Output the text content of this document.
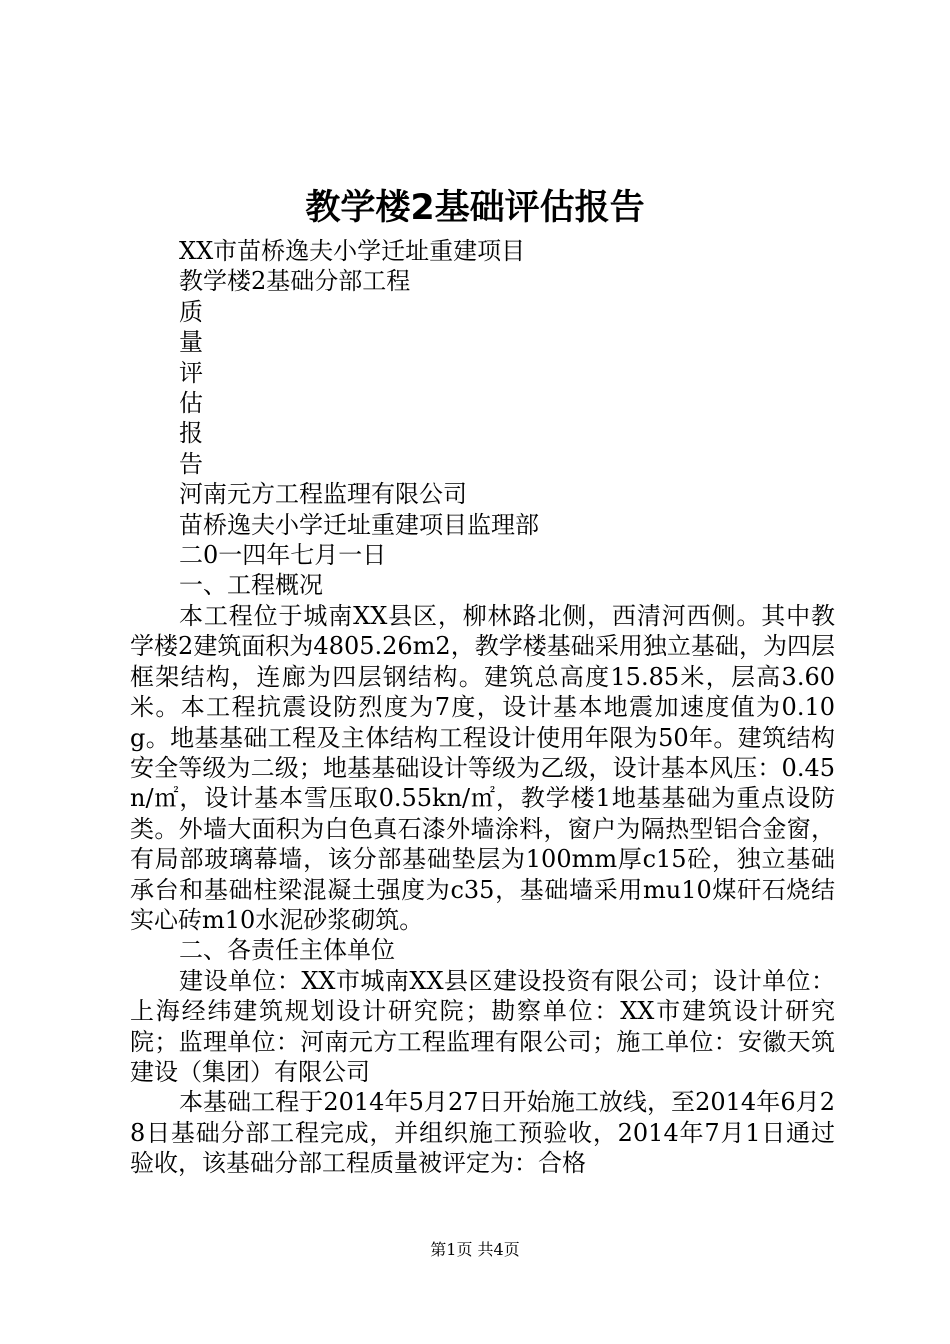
教学楼2基础评估报告

XX市苗桥逸夫小学迁址重建项目

教学楼2基础分部工程

质

量

评

估

报

告

河南元方工程监理有限公司

苗桥逸夫小学迁址重建项目监理部

二0一四年七月一日

一、工程概况

本工程位于城南XX县区，柳林路北侧，西清河西侧。其中教学楼2建筑面积为4805.26m2，教学楼基础采用独立基础，为四层框架结构，连廊为四层钢结构。建筑总高度15.85米，层高3.60米。本工程抗震设防烈度为7度，设计基本地震加速度值为0.10g。地基基础工程及主体结构工程设计使用年限为50年。建筑结构安全等级为二级；地基基础设计等级为乙级，设计基本风压：0.45n/㎡，设计基本雪压取0.55kn/㎡，教学楼1地基基础为重点设防类。外墙大面积为白色真石漆外墙涂料，窗户为隔热型铝合金窗，有局部玻璃幕墙，该分部基础垫层为100mm厚c15砼，独立基础承台和基础柱梁混凝土强度为c35，基础墙采用mu10煤矸石烧结实心砖m10水泥砂浆砌筑。

二、各责任主体单位

建设单位：XX市城南XX县区建设投资有限公司；设计单位：上海经纬建筑规划设计研究院；勘察单位：XX市建筑设计研究院；监理单位：河南元方工程监理有限公司；施工单位：安徽天筑建设（集团）有限公司

本基础工程于2014年5月27日开始施工放线，至2014年6月28日基础分部工程完成，并组织施工预验收，2014年7月1日通过验收，该基础分部工程质量被评定为：合格

第1页 共4页
